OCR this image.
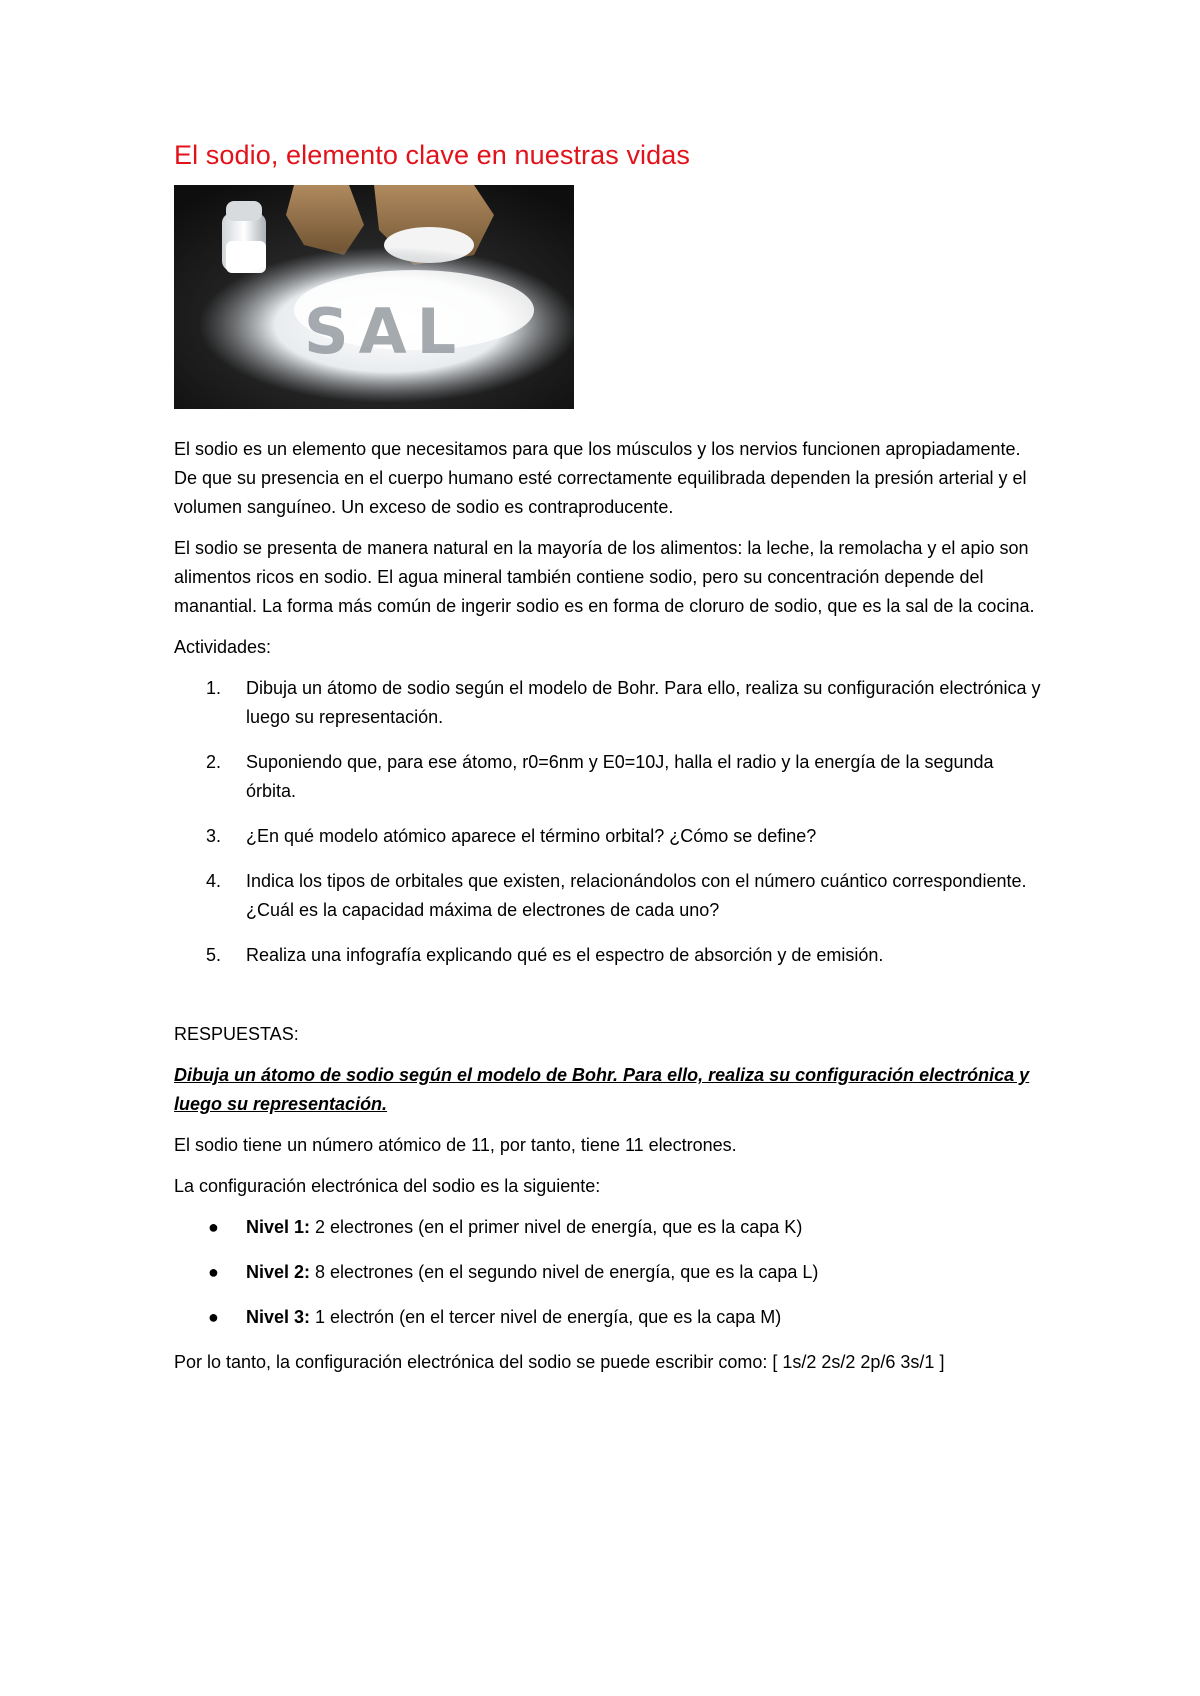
El sodio, elemento clave en nuestras vidas
SAL

El sodio es un elemento que necesitamos para que los músculos y los nervios funcionen apropiadamente. De que su presencia en el cuerpo humano esté correctamente equilibrada dependen la presión arterial y el volumen sanguíneo. Un exceso de sodio es contraproducente.

El sodio se presenta de manera natural en la mayoría de los alimentos: la leche, la remolacha y el apio son alimentos ricos en sodio. El agua mineral también contiene sodio, pero su concentración depende del manantial. La forma más común de ingerir sodio es en forma de cloruro de sodio, que es la sal de la cocina.

Actividades:

1. Dibuja un átomo de sodio según el modelo de Bohr. Para ello, realiza su configuración electrónica y luego su representación.
2. Suponiendo que, para ese átomo, r0=6nm y E0=10J, halla el radio y la energía de la segunda órbita.
3. ¿En qué modelo atómico aparece el término orbital? ¿Cómo se define?
4. Indica los tipos de orbitales que existen, relacionándolos con el número cuántico correspondiente. ¿Cuál es la capacidad máxima de electrones de cada uno?
5. Realiza una infografía explicando qué es el espectro de absorción y de emisión.

RESPUESTAS:

Dibuja un átomo de sodio según el modelo de Bohr. Para ello, realiza su configuración electrónica y luego su representación.

El sodio tiene un número atómico de 11, por tanto, tiene 11 electrones.

La configuración electrónica del sodio es la siguiente:

● Nivel 1: 2 electrones (en el primer nivel de energía, que es la capa K)
● Nivel 2: 8 electrones (en el segundo nivel de energía, que es la capa L)
● Nivel 3: 1 electrón (en el tercer nivel de energía, que es la capa M)

Por lo tanto, la configuración electrónica del sodio se puede escribir como: [ 1s/2 2s/2 2p/6 3s/1 ]
